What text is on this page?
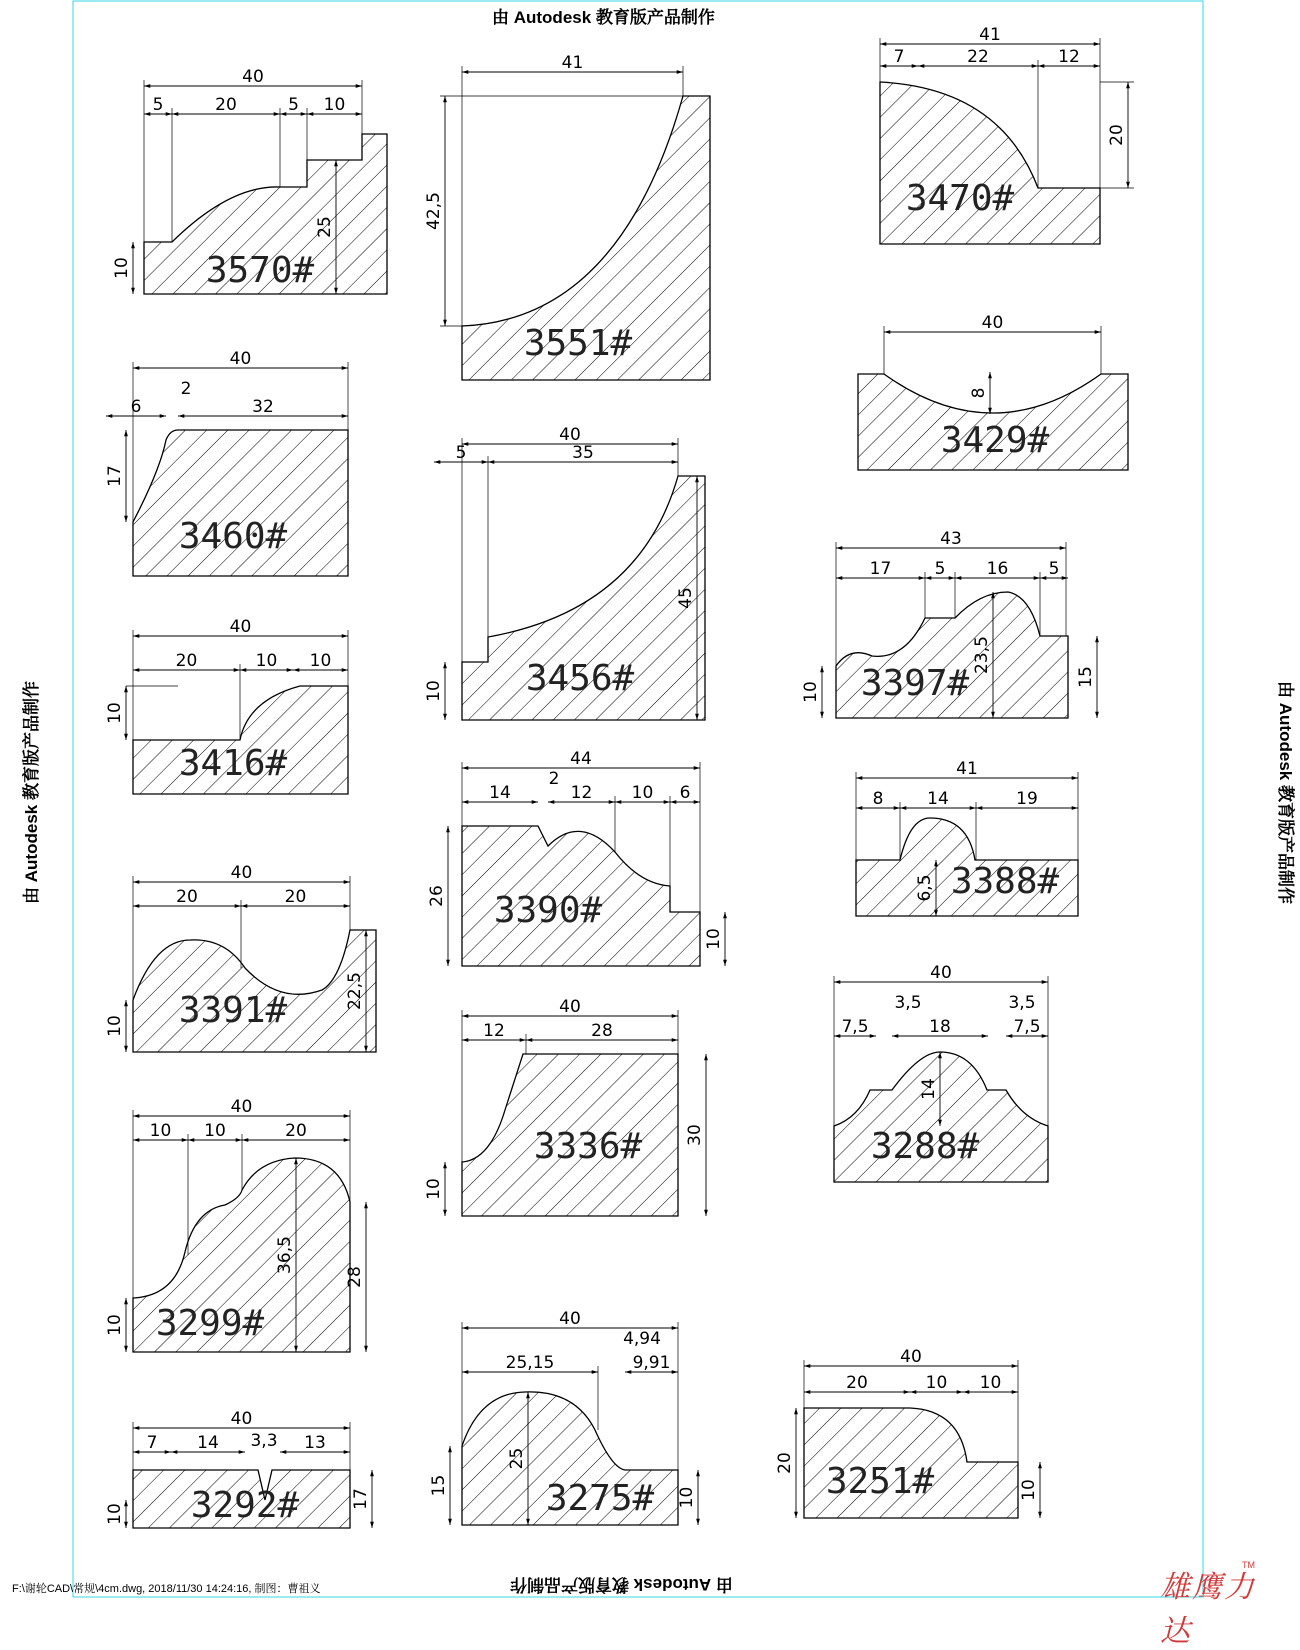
3570#
40
5	20	5 10
25
10
3551#
41
42,5	3470#
41
7	22	12
20
3460#
40
6
2
32
17
3429#
40
8
3456#
40
5	35
45
10
3416#
40
20	10 10
10
3397#
43
17	5 16 5
23,5
10
15
3390#
44
14
2
12 10 6
26
10
3391#
40
20	20
10
22,5
3388#
41
8	14	19
6,5
3336#
40
12	28
30
10
3299#
40
10 10	20
36,5
28
10
3288#
40
3,5	3,5
7,5	18	7,5
14
3292#
40
7 14 3,3 13
10
17	3275#
40
4,94
25,15	9,91
25
15
10	3251#
40
20	10 10
20
10
由 Autodesk 教育版产品制作
由 Autodesk 教育版产品制作
由 Autodesk 教育版产品制作	由 Autodesk 教育版产品制作
F:\谢轮CAD\常规\4cm.dwg, 2018/11/30 14:24:16, 制图：曹祖义	雄鹰力达
TM
